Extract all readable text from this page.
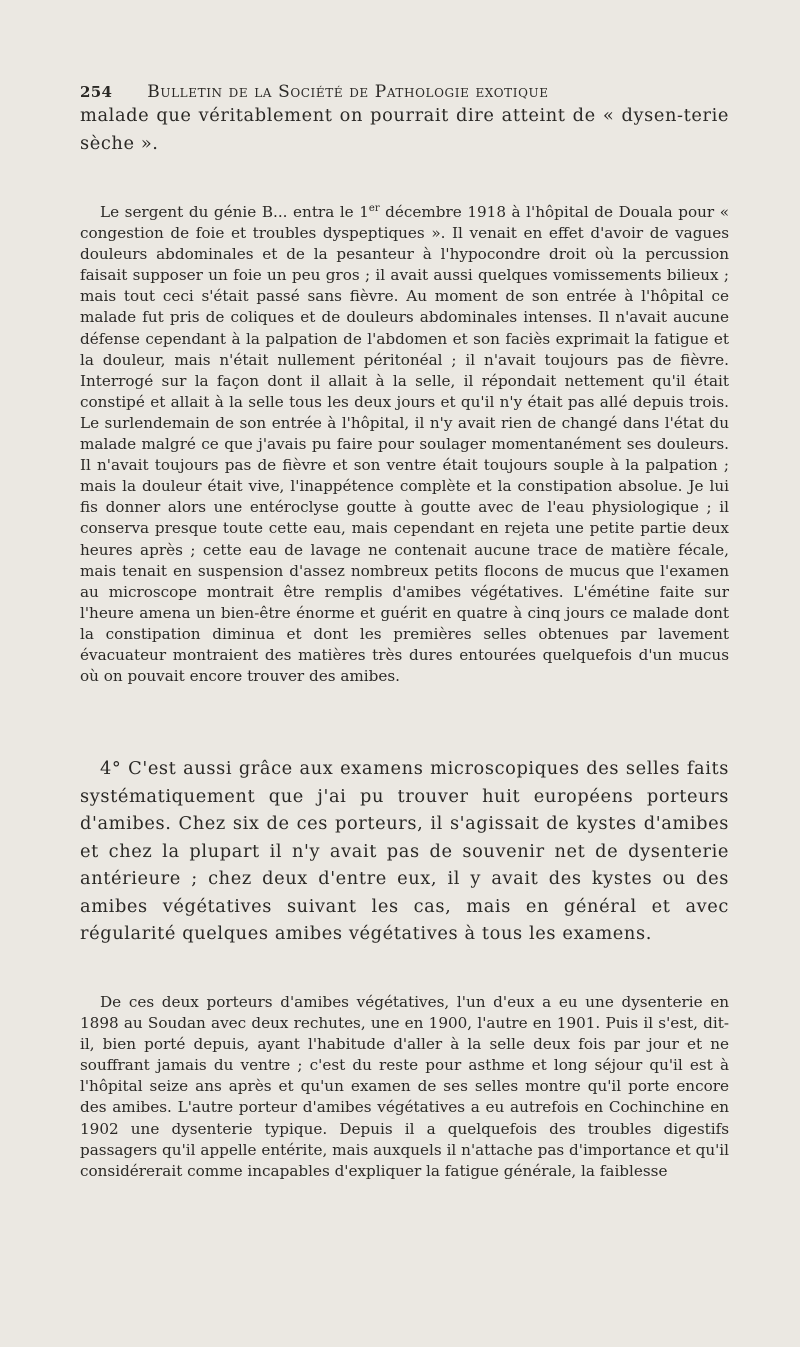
254 Bulletin de la Société de Pathologie exotique

malade que véritablement on pourrait dire atteint de « dysen-terie sèche ».

Le sergent du génie B... entra le 1er décembre 1918 à l'hôpital de Douala pour « congestion de foie et troubles dyspeptiques ». Il venait en effet d'avoir de vagues douleurs abdominales et de la pesanteur à l'hypocondre droit où la percussion faisait supposer un foie un peu gros ; il avait aussi quelques vomissements bilieux ; mais tout ceci s'était passé sans fièvre. Au moment de son entrée à l'hôpital ce malade fut pris de coliques et de douleurs abdominales intenses. Il n'avait aucune défense cependant à la palpation de l'abdomen et son faciès exprimait la fatigue et la douleur, mais n'était nullement péritonéal ; il n'avait toujours pas de fièvre. Interrogé sur la façon dont il allait à la selle, il répondait nettement qu'il était constipé et allait à la selle tous les deux jours et qu'il n'y était pas allé depuis trois. Le surlendemain de son entrée à l'hôpital, il n'y avait rien de changé dans l'état du malade malgré ce que j'avais pu faire pour soulager momentanément ses douleurs. Il n'avait toujours pas de fièvre et son ventre était toujours souple à la palpation ; mais la douleur était vive, l'inappétence complète et la constipation absolue. Je lui fis donner alors une entéroclyse goutte à goutte avec de l'eau physiologique ; il conserva presque toute cette eau, mais cependant en rejeta une petite partie deux heures après ; cette eau de lavage ne contenait aucune trace de matière fécale, mais tenait en suspension d'assez nombreux petits flocons de mucus que l'examen au microscope montrait être remplis d'amibes végétatives. L'émétine faite sur l'heure amena un bien-être énorme et guérit en quatre à cinq jours ce malade dont la constipation diminua et dont les premières selles obtenues par lavement évacuateur montraient des matières très dures entourées quelquefois d'un mucus où on pouvait encore trouver des amibes.

4° C'est aussi grâce aux examens microscopiques des selles faits systématiquement que j'ai pu trouver huit européens porteurs d'amibes. Chez six de ces porteurs, il s'agissait de kystes d'amibes et chez la plupart il n'y avait pas de souvenir net de dysenterie antérieure ; chez deux d'entre eux, il y avait des kystes ou des amibes végétatives suivant les cas, mais en général et avec régularité quelques amibes végétatives à tous les examens.

De ces deux porteurs d'amibes végétatives, l'un d'eux a eu une dysenterie en 1898 au Soudan avec deux rechutes, une en 1900, l'autre en 1901. Puis il s'est, dit-il, bien porté depuis, ayant l'habitude d'aller à la selle deux fois par jour et ne souffrant jamais du ventre ; c'est du reste pour asthme et long séjour qu'il est à l'hôpital seize ans après et qu'un examen de ses selles montre qu'il porte encore des amibes. L'autre porteur d'amibes végétatives a eu autrefois en Cochinchine en 1902 une dysenterie typique. Depuis il a quelquefois des troubles digestifs passagers qu'il appelle entérite, mais auxquels il n'attache pas d'importance et qu'il considérerait comme incapables d'expliquer la fatigue générale, la faiblesse
